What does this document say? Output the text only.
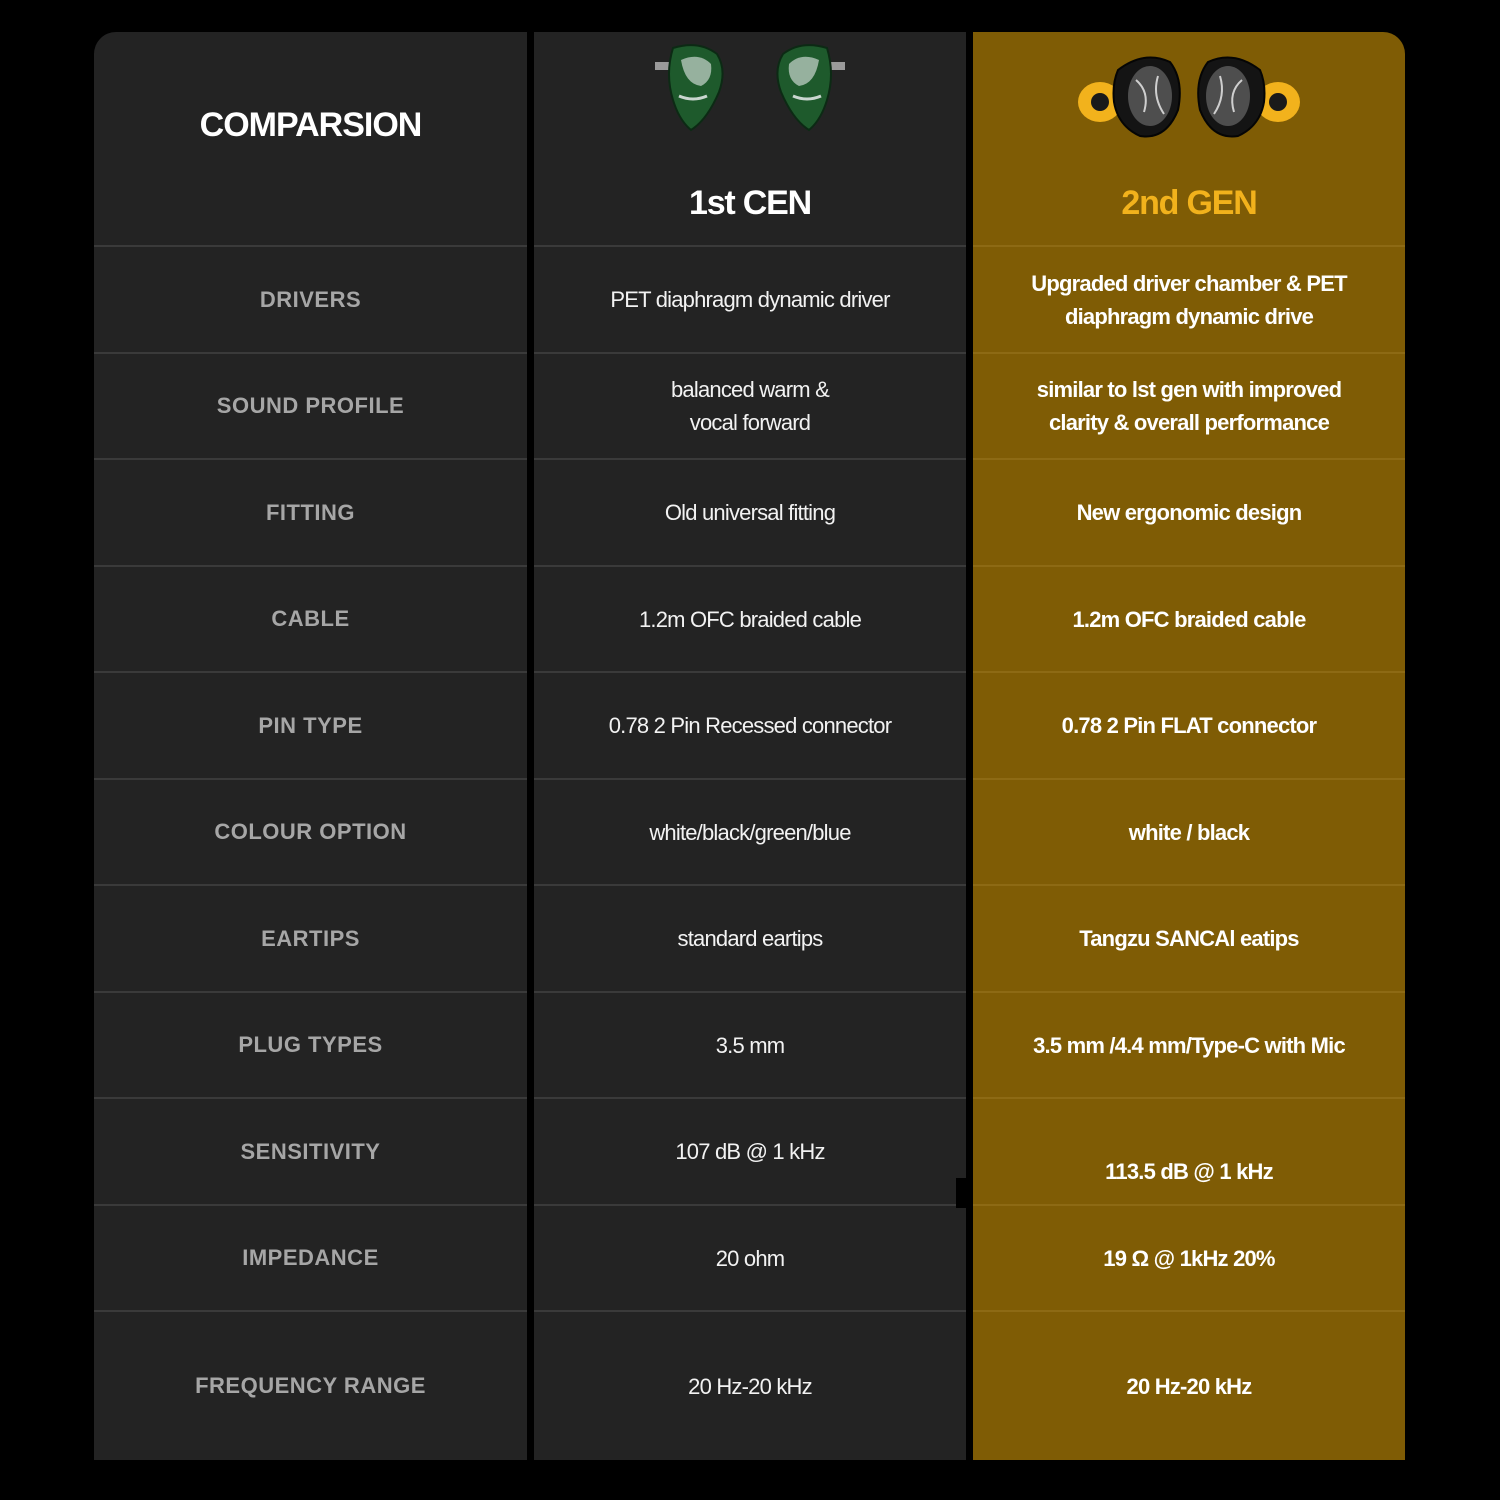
COMPARSION
DRIVERS
SOUND PROFILE
FITTING
CABLE
PIN TYPE
COLOUR OPTION
EARTIPS
PLUG TYPES
SENSITIVITY
IMPEDANCE
FREQUENCY RANGE
1st CEN
PET diaphragm dynamic driver
balanced warm &
vocal forward
Old universal fitting
1.2m OFC braided cable
0.78 2 Pin Recessed connector
white/black/green/blue
standard eartips
3.5 mm
107 dB @ 1 kHz
20 ohm
20 Hz-20 kHz
2nd GEN
Upgraded driver chamber & PET
diaphragm dynamic drive
similar to lst gen with improved
clarity & overall performance
New ergonomic design
1.2m OFC braided cable
0.78 2 Pin FLAT connector
white / black
Tangzu SANCAl eatips
3.5 mm /4.4 mm/Type-C with Mic
113.5 dB @ 1 kHz
19 Ω @ 1kHz 20%
20 Hz-20 kHz
